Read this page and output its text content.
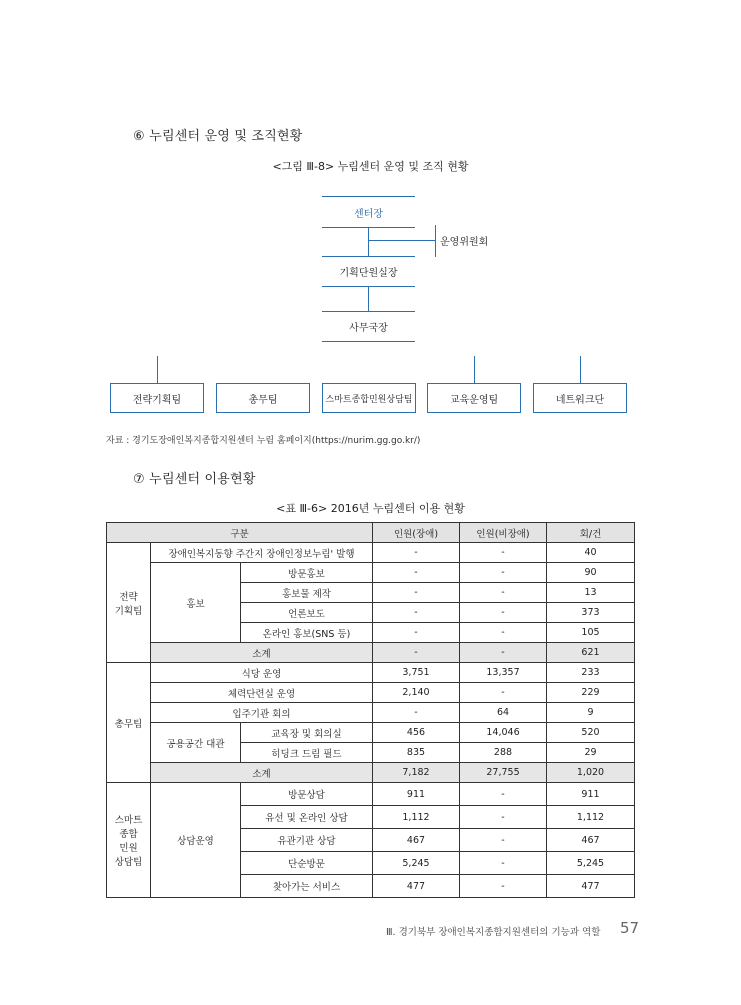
⑥ 누림센터 운영 및 조직현황
<그림 Ⅲ-8> 누림센터 운영 및 조직 현황
센터장
운영위원회
기획단원실장
사무국장
전략기획팀	총무팀	스마트종합민원상담팀	교육운영팀	네트워크단
자료 : 경기도장애인복지종합지원센터 누림 홈페이지(https://nurim.gg.go.kr/)
⑦ 누림센터 이용현황
<표 Ⅲ-6> 2016년 누림센터 이용 현황
구분			인원(장애)	인원(비장애)	회/건
전략
기획팀	장애인복지동향 주간지 장애인정보누림' 발행		-	-	40
	홍보	방문홍보	-	-	90
		홍보물 제작	-	-	13
		언론보도	-	-	373
		온라인 홍보(SNS 등)	-	-	105
	소계		-	-	621
총무팀	식당 운영		3,751	13,357	233
	체력단련실 운영		2,140	-	229
	입주기관 회의		-	64	9
	공용공간 대관	교육장 및 회의실	456	14,046	520
		히딩크 드림 필드	835	288	29
	소계		7,182	27,755	1,020
스마트
종합
민원
상담팀	상담운영	방문상담	911	-	911
		유선 및 온라인 상담	1,112	-	1,112
		유관기관 상담	467	-	467
		단순방문	5,245	-	5,245
		찾아가는 서비스	477	-	477
Ⅲ. 경기북부 장애인복지종합지원센터의 기능과 역할 57
